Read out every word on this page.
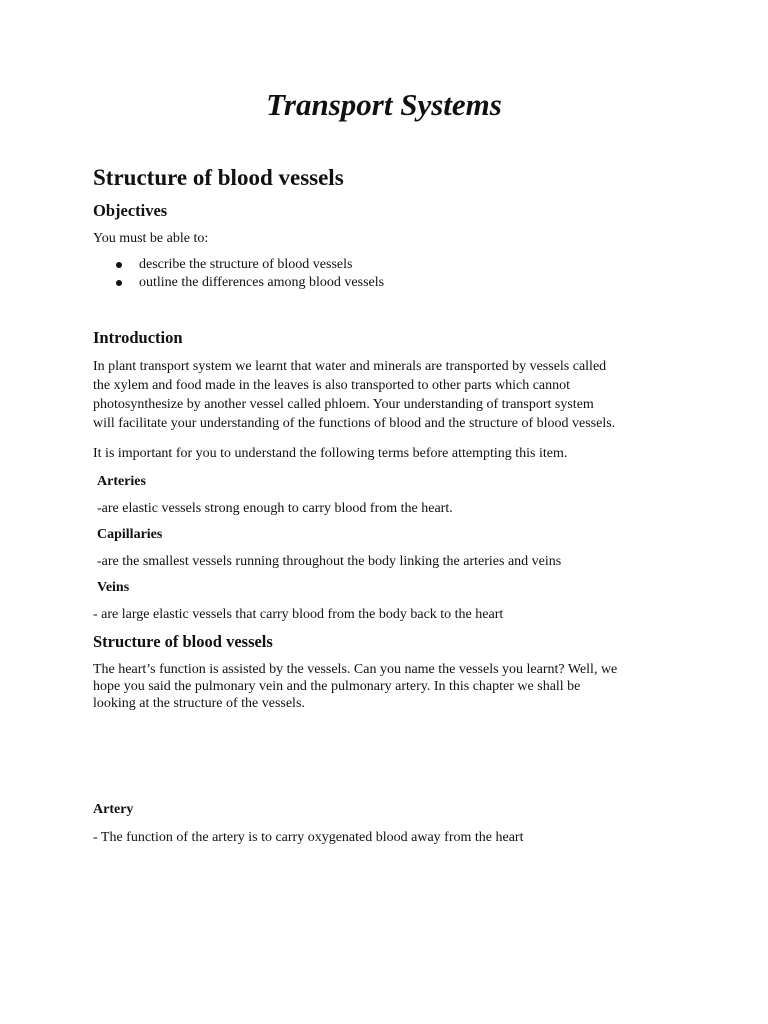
Transport Systems
Structure of blood vessels
Objectives

You must be able to:

describe the structure of blood vessels
outline the differences among blood vessels
Introduction

In plant transport system we learnt that water and minerals are transported by vessels called
the xylem and food made in the leaves is also transported to other parts which cannot
photosynthesize by another vessel called phloem. Your understanding of transport system
will facilitate your understanding of the functions of blood and the structure of blood vessels.

It is important for you to understand the following terms before attempting this item.

Arteries

-are elastic vessels strong enough to carry blood from the heart.

Capillaries

-are the smallest vessels running throughout the body linking the arteries and veins

Veins

- are large elastic vessels that carry blood from the body back to the heart

Structure of blood vessels

The heart’s function is assisted by the vessels. Can you name the vessels you learnt? Well, we
hope you said the pulmonary vein and the pulmonary artery. In this chapter we shall be
looking at the structure of the vessels.

Artery

- The function of the artery is to carry oxygenated blood away from the heart
